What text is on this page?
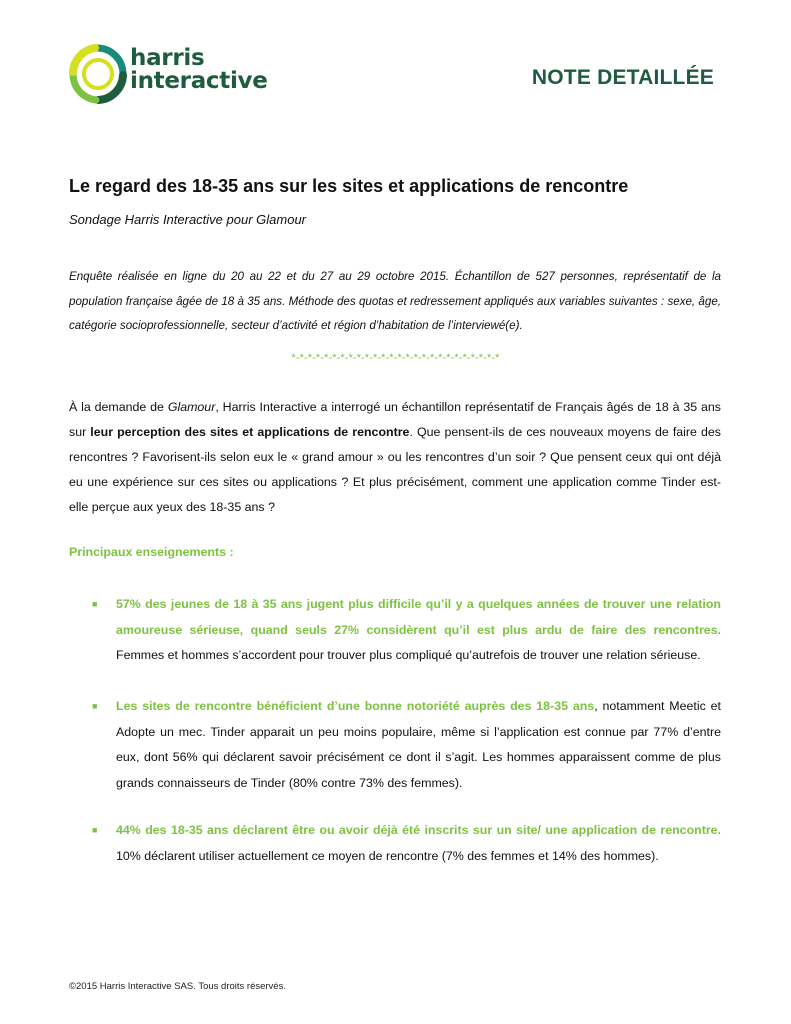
harris
interactive	NOTE DETAILLÉE
Le regard des 18-35 ans sur les sites et applications de rencontre
Sondage Harris Interactive pour Glamour
Enquête réalisée en ligne du 20 au 22 et du 27 au 29 octobre 2015. Échantillon de 527 personnes, représentatif de la population française âgée de 18 à 35 ans. Méthode des quotas et redressement appliqués aux variables suivantes : sexe, âge, catégorie socioprofessionnelle, secteur d’activité et région d’habitation de l’interviewé(e).
*-*-*-*-*-*-*-*-*-*-*-*-*-*-*-*-*-*-*-*-*-*-*-*-*-*
À la demande de Glamour, Harris Interactive a interrogé un échantillon représentatif de Français âgés de 18 à 35 ans sur leur perception des sites et applications de rencontre. Que pensent-ils de ces nouveaux moyens de faire des rencontres ? Favorisent-ils selon eux le « grand amour » ou les rencontres d’un soir ? Que pensent ceux qui ont déjà eu une expérience sur ces sites ou applications ? Et plus précisément, comment une application comme Tinder est-elle perçue aux yeux des 18-35 ans ?
Principaux enseignements :
■ 57% des jeunes de 18 à 35 ans jugent plus difficile qu’il y a quelques années de trouver une relation amoureuse sérieuse, quand seuls 27% considèrent qu’il est plus ardu de faire des rencontres. Femmes et hommes s’accordent pour trouver plus compliqué qu’autrefois de trouver une relation sérieuse.
■ Les sites de rencontre bénéficient d’une bonne notoriété auprès des 18-35 ans, notamment Meetic et Adopte un mec. Tinder apparait un peu moins populaire, même si l’application est connue par 77% d’entre eux, dont 56% qui déclarent savoir précisément ce dont il s’agit. Les hommes apparaissent comme de plus grands connaisseurs de Tinder (80% contre 73% des femmes).
■ 44% des 18-35 ans déclarent être ou avoir déjà été inscrits sur un site/ une application de rencontre. 10% déclarent utiliser actuellement ce moyen de rencontre (7% des femmes et 14% des hommes).
©2015 Harris Interactive SAS. Tous droits réservés.
